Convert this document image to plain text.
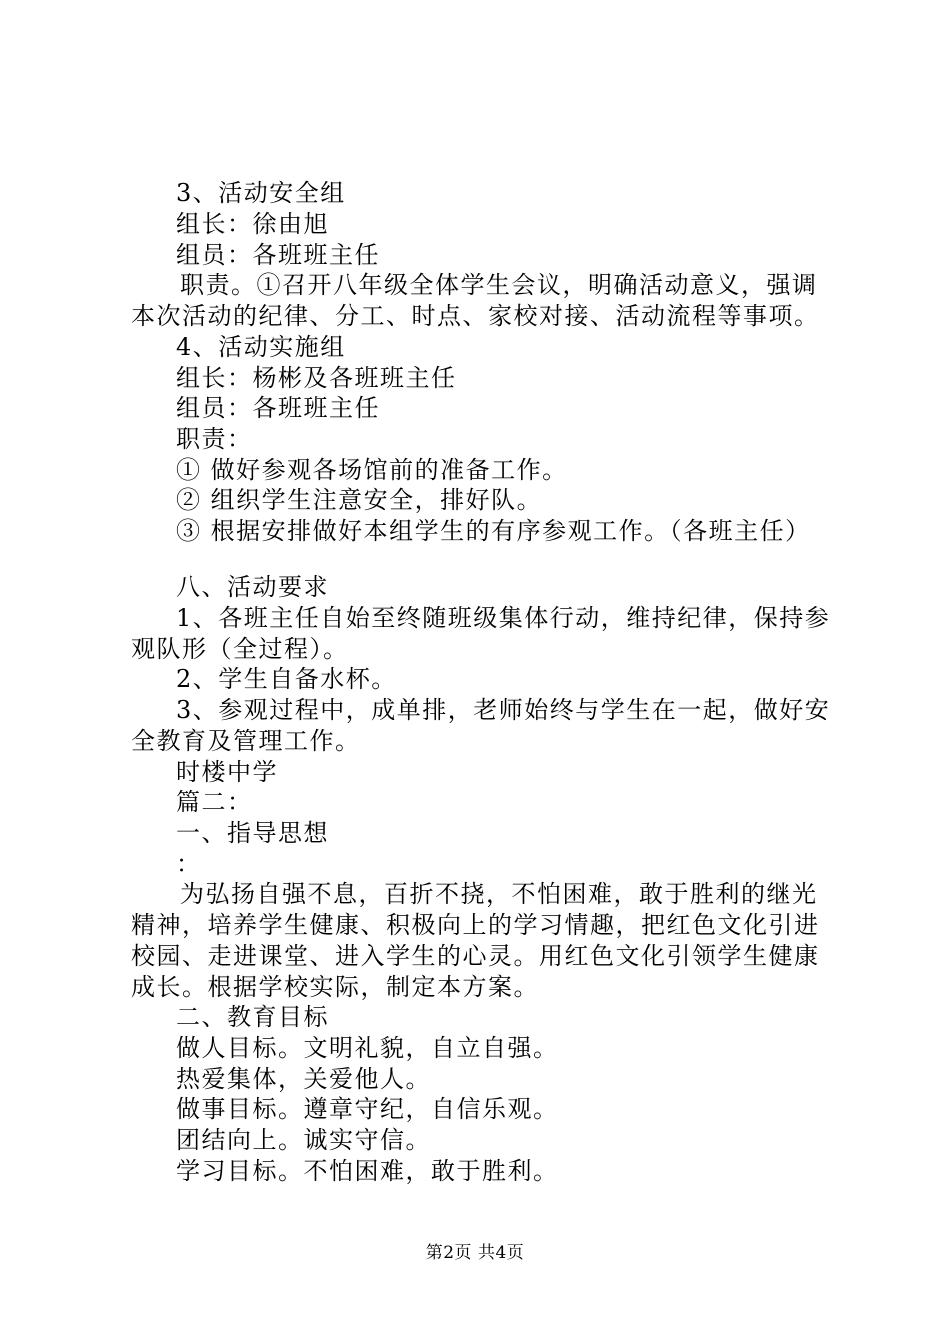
3、活动安全组
组长：徐由旭
组员：各班班主任
职责。①召开八年级全体学生会议，明确活动意义，强调
本次活动的纪律、分工、时点、家校对接、活动流程等事项。
4、活动实施组
组长：杨彬及各班班主任
组员：各班班主任
职责：
① 做好参观各场馆前的准备工作。
② 组织学生注意安全，排好队。
③ 根据安排做好本组学生的有序参观工作。（各班主任）
八、活动要求
1、各班主任自始至终随班级集体行动，维持纪律，保持参
观队形（全过程）。
2、学生自备水杯。
3、参观过程中，成单排，老师始终与学生在一起，做好安
全教育及管理工作。
时楼中学
篇二：
一、指导思想
：
为弘扬自强不息，百折不挠，不怕困难，敢于胜利的继光
精神，培养学生健康、积极向上的学习情趣，把红色文化引进
校园、走进课堂、进入学生的心灵。用红色文化引领学生健康
成长。根据学校实际，制定本方案。
二、教育目标
做人目标。文明礼貌，自立自强。
热爱集体，关爱他人。
做事目标。遵章守纪，自信乐观。
团结向上。诚实守信。
学习目标。不怕困难，敢于胜利。
第2页 共4页
